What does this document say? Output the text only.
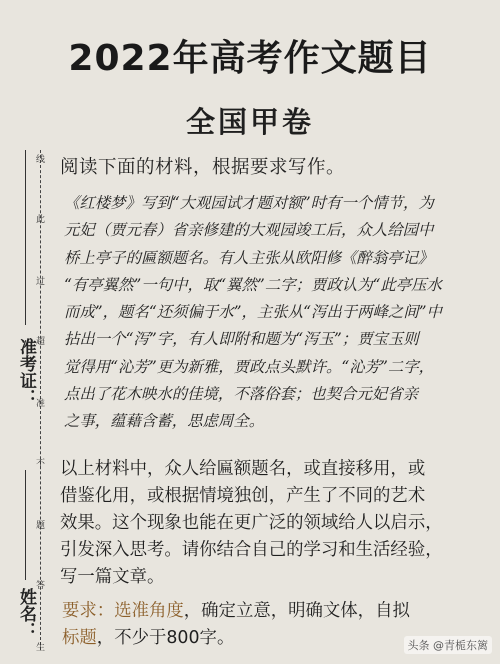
2022年高考作文题目
全国甲卷
准考证：
姓名：
线
此
过
超
准
不
题
答
生
阅读下面的材料，根据要求写作。
《红楼梦》写到“大观园试才题对额”时有一个情节，为
元妃（贾元春）省亲修建的大观园竣工后，众人给园中
桥上亭子的匾额题名。有人主张从欧阳修《醉翁亭记》
“有亭翼然”一句中，取“翼然”二字；贾政认为“此亭压水
而成”，题名“还须偏于水”，主张从“泻出于两峰之间”中
拈出一个“泻”字，有人即附和题为“泻玉”；贾宝玉则
觉得用“沁芳”更为新雅，贾政点头默许。“沁芳”二字，
点出了花木映水的佳境，不落俗套；也契合元妃省亲
之事，蕴藉含蓄，思虑周全。
以上材料中，众人给匾额题名，或直接移用，或
借鉴化用，或根据情境独创，产生了不同的艺术
效果。这个现象也能在更广泛的领域给人以启示，
引发深入思考。请你结合自己的学习和生活经验，
写一篇文章。
要求：选准角度，确定立意，明确文体，自拟
标题，不少于800字。	头条 @青栀东篱
